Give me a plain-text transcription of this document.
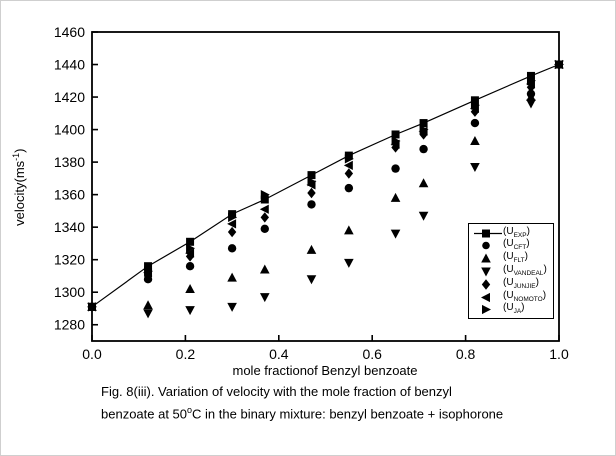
1280
1300
1320
1340
1360
1380
1400
1420
1440
1460
0.0	0.2	0.4	0.6	0.8	1.0
mole fractionof Benzyl benzoate
$velocity(ms^{-1})$
$(U_{EXP})$
$(U_{CFT})$
$(U_{FLT})$
$(U_{VANDEAL})$
$(U_{JUNJIE})$
$(U_{NOMOTO})$
$(U_{JA})$
Fig. 8(iii). Variation of velocity with the mole fraction of benzyl
benzoate at 50$^o$C in the binary mixture: benzyl benzoate + isophorone
